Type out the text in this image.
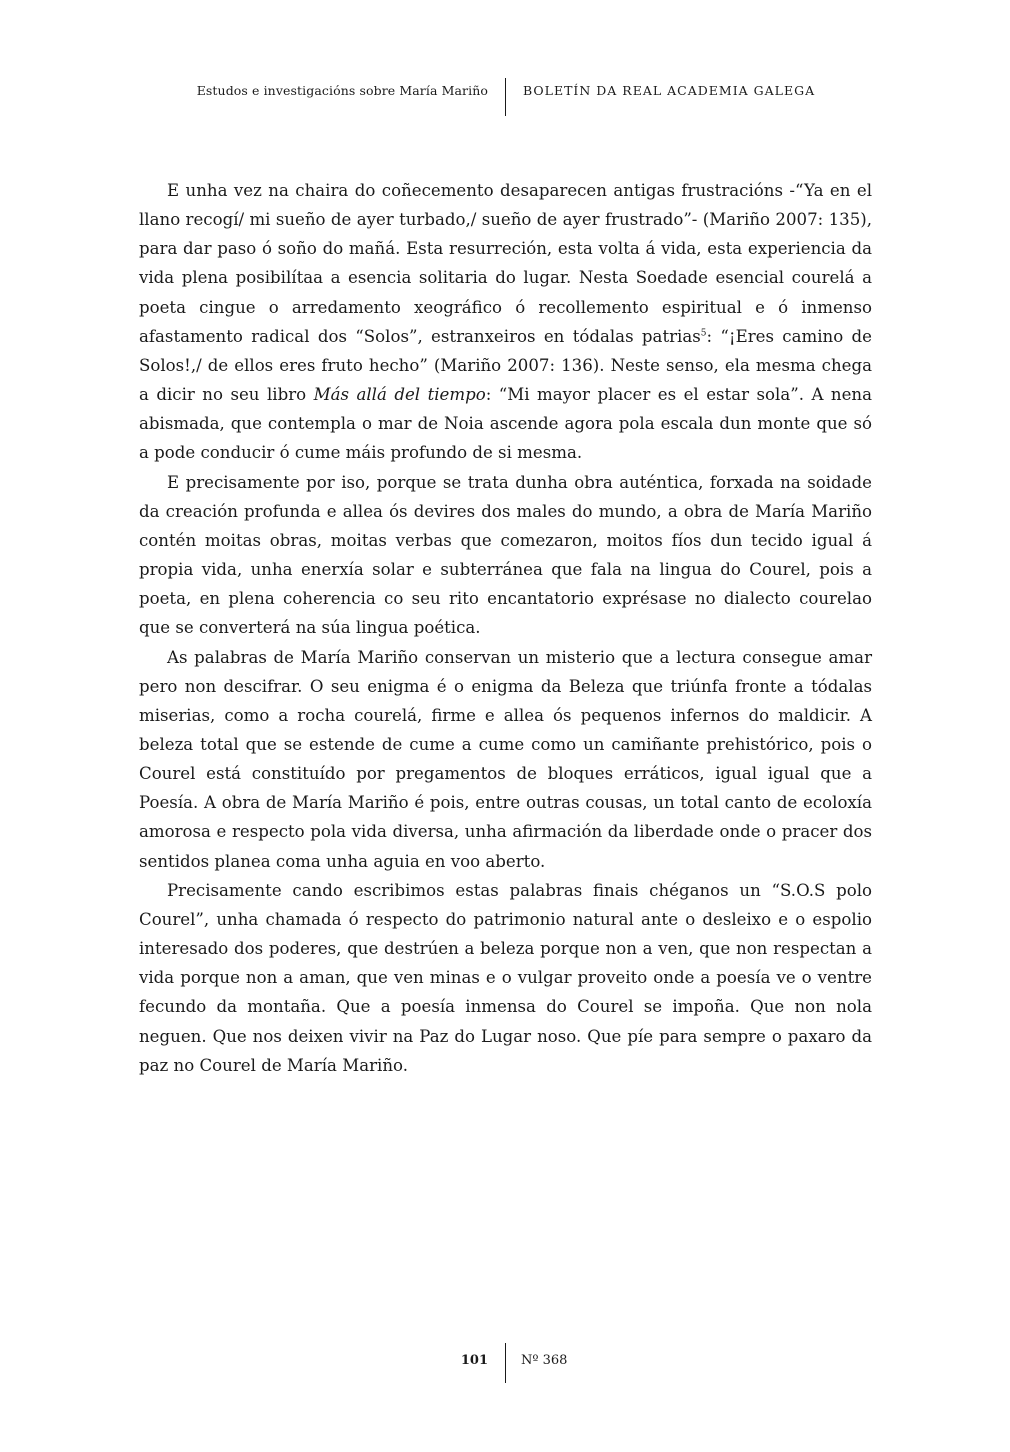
Estudos e investigacións sobre María Mariño	BOLETÍN DA REAL ACADEMIA GALEGA

E unha vez na chaira do coñecemento desaparecen antigas frustracións -“Ya en el llano recogí/ mi sueño de ayer turbado,/ sueño de ayer frustrado”- (Mariño 2007: 135), para dar paso ó soño do mañá. Esta resurreción, esta volta á vida, esta experiencia da vida plena posibilítaa a esencia solitaria do lugar. Nesta Soedade esencial courelá a poeta cingue o arredamento xeográfico ó recollemento espiritual e ó inmenso afastamento radical dos “Solos”, estranxeiros en tódalas patrias$^5$: “¡Eres camino de Solos!,/ de ellos eres fruto hecho” (Mariño 2007: 136). Neste senso, ela mesma chega a dicir no seu libro Más allá del tiempo: “Mi mayor placer es el estar sola”. A nena abismada, que contempla o mar de Noia ascende agora pola escala dun monte que só a pode conducir ó cume máis profundo de si mesma.

E precisamente por iso, porque se trata dunha obra auténtica, forxada na soidade da creación profunda e allea ós devires dos males do mundo, a obra de María Mariño contén moitas obras, moitas verbas que comezaron, moitos fíos dun tecido igual á propia vida, unha enerxía solar e subterránea que fala na lingua do Courel, pois a poeta, en plena coherencia co seu rito encantatorio exprésase no dialecto courelao que se converterá na súa lingua poética.

As palabras de María Mariño conservan un misterio que a lectura consegue amar pero non descifrar. O seu enigma é o enigma da Beleza que triúnfa fronte a tódalas miserias, como a rocha courelá, firme e allea ós pequenos infernos do maldicir. A beleza total que se estende de cume a cume como un camiñante prehistórico, pois o Courel está constituído por pregamentos de bloques erráticos, igual igual que a Poesía. A obra de María Mariño é pois, entre outras cousas, un total canto de ecoloxía amorosa e respecto pola vida diversa, unha afirmación da liberdade onde o pracer dos sentidos planea coma unha aguia en voo aberto.

Precisamente cando escribimos estas palabras finais chéganos un “S.O.S polo Courel”, unha chamada ó respecto do patrimonio natural ante o desleixo e o espolio interesado dos poderes, que destrúen a beleza porque non a ven, que non respectan a vida porque non a aman, que ven minas e o vulgar proveito onde a poesía ve o ventre fecundo da montaña. Que a poesía inmensa do Courel se impoña. Que non nola neguen. Que nos deixen vivir na Paz do Lugar noso. Que píe para sempre o paxaro da paz no Courel de María Mariño.

101	Nº 368
